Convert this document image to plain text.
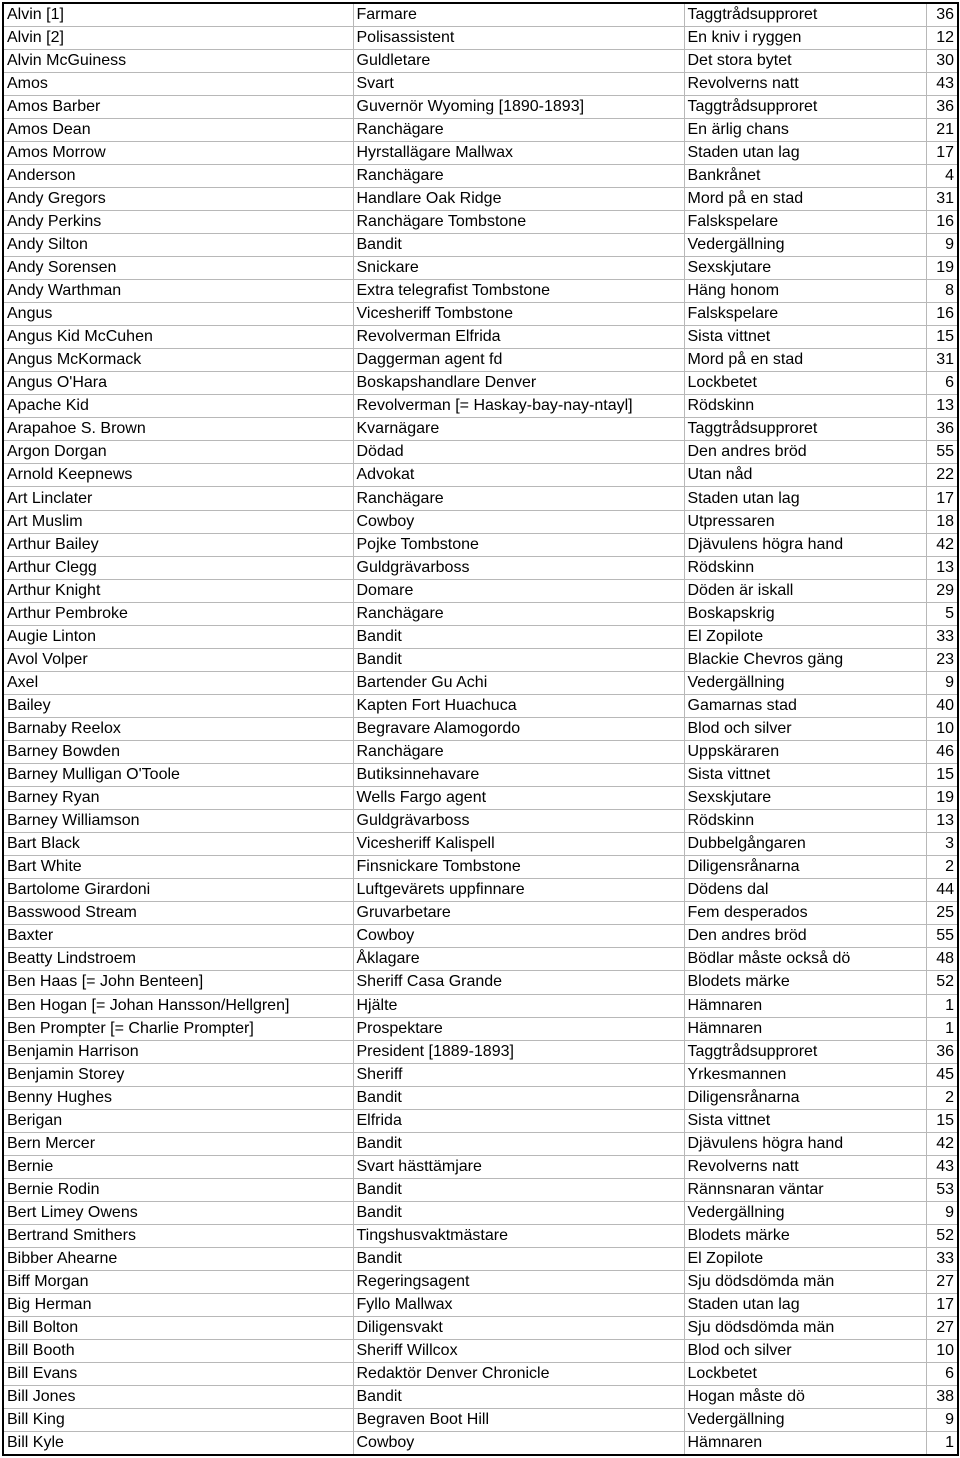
Alvin [1]	Farmare	Taggtrådsupproret	36
Alvin [2]	Polisassistent	En kniv i ryggen	12
Alvin McGuiness	Guldletare	Det stora bytet	30
Amos	Svart	Revolverns natt	43
Amos Barber	Guvernör Wyoming [1890-1893]	Taggtrådsupproret	36
Amos Dean	Ranchägare	En ärlig chans	21
Amos Morrow	Hyrstallägare Mallwax	Staden utan lag	17
Anderson	Ranchägare	Bankrånet	4
Andy Gregors	Handlare Oak Ridge	Mord på en stad	31
Andy Perkins	Ranchägare Tombstone	Falskspelare	16
Andy Silton	Bandit	Vedergällning	9
Andy Sorensen	Snickare	Sexskjutare	19
Andy Warthman	Extra telegrafist Tombstone	Häng honom	8
Angus	Vicesheriff Tombstone	Falskspelare	16
Angus Kid McCuhen	Revolverman Elfrida	Sista vittnet	15
Angus McKormack	Daggerman agent fd	Mord på en stad	31
Angus O'Hara	Boskapshandlare Denver	Lockbetet	6
Apache Kid	Revolverman [= Haskay-bay-nay-ntayl]	Rödskinn	13
Arapahoe S. Brown	Kvarnägare	Taggtrådsupproret	36
Argon Dorgan	Dödad	Den andres bröd	55
Arnold Keepnews	Advokat	Utan nåd	22
Art Linclater	Ranchägare	Staden utan lag	17
Art Muslim	Cowboy	Utpressaren	18
Arthur Bailey	Pojke Tombstone	Djävulens högra hand	42
Arthur Clegg	Guldgrävarboss	Rödskinn	13
Arthur Knight	Domare	Döden är iskall	29
Arthur Pembroke	Ranchägare	Boskapskrig	5
Augie Linton	Bandit	El Zopilote	33
Avol Volper	Bandit	Blackie Chevros gäng	23
Axel	Bartender Gu Achi	Vedergällning	9
Bailey	Kapten Fort Huachuca	Gamarnas stad	40
Barnaby Reelox	Begravare Alamogordo	Blod och silver	10
Barney Bowden	Ranchägare	Uppskäraren	46
Barney Mulligan O'Toole	Butiksinnehavare	Sista vittnet	15
Barney Ryan	Wells Fargo agent	Sexskjutare	19
Barney Williamson	Guldgrävarboss	Rödskinn	13
Bart Black	Vicesheriff Kalispell	Dubbelgångaren	3
Bart White	Finsnickare Tombstone	Diligensrånarna	2
Bartolome Girardoni	Luftgevärets uppfinnare	Dödens dal	44
Basswood Stream	Gruvarbetare	Fem desperados	25
Baxter	Cowboy	Den andres bröd	55
Beatty Lindstroem	Åklagare	Bödlar måste också dö	48
Ben Haas [= John Benteen]	Sheriff Casa Grande	Blodets märke	52
Ben Hogan [= Johan Hansson/Hellgren]	Hjälte	Hämnaren	1
Ben Prompter [= Charlie Prompter]	Prospektare	Hämnaren	1
Benjamin Harrison	President [1889-1893]	Taggtrådsupproret	36
Benjamin Storey	Sheriff	Yrkesmannen	45
Benny Hughes	Bandit	Diligensrånarna	2
Berigan	Elfrida	Sista vittnet	15
Bern Mercer	Bandit	Djävulens högra hand	42
Bernie	Svart hästtämjare	Revolverns natt	43
Bernie Rodin	Bandit	Rännsnaran väntar	53
Bert Limey Owens	Bandit	Vedergällning	9
Bertrand Smithers	Tingshusvaktmästare	Blodets märke	52
Bibber Ahearne	Bandit	El Zopilote	33
Biff Morgan	Regeringsagent	Sju dödsdömda män	27
Big Herman	Fyllo Mallwax	Staden utan lag	17
Bill Bolton	Diligensvakt	Sju dödsdömda män	27
Bill Booth	Sheriff Willcox	Blod och silver	10
Bill Evans	Redaktör Denver Chronicle	Lockbetet	6
Bill Jones	Bandit	Hogan måste dö	38
Bill King	Begraven Boot Hill	Vedergällning	9
Bill Kyle	Cowboy	Hämnaren	1
